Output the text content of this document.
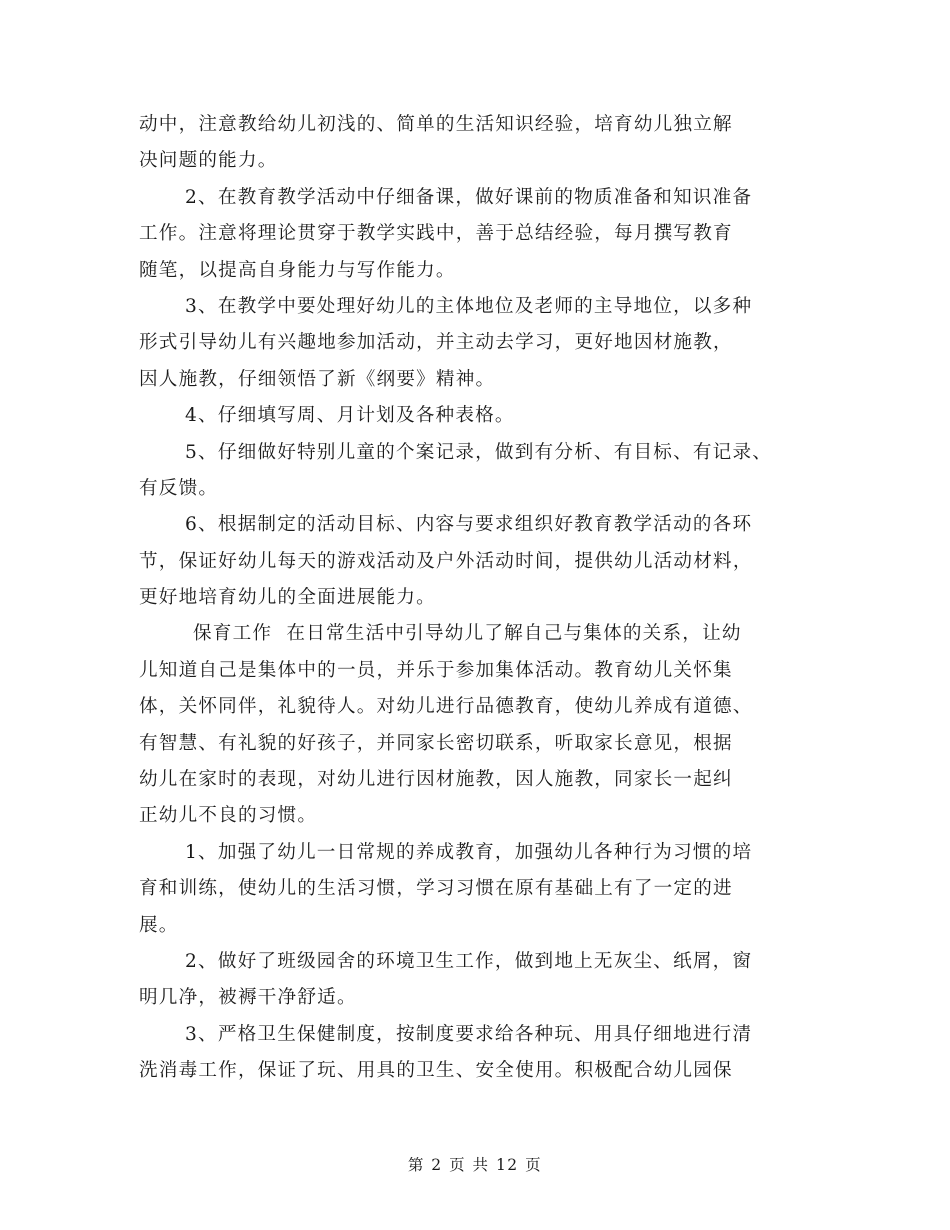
动中，注意教给幼儿初浅的、简单的生活知识经验，培育幼儿独立解
决问题的能力。
2、在教育教学活动中仔细备课，做好课前的物质准备和知识准备
工作。注意将理论贯穿于教学实践中，善于总结经验，每月撰写教育
随笔，以提高自身能力与写作能力。
3、在教学中要处理好幼儿的主体地位及老师的主导地位，以多种
形式引导幼儿有兴趣地参加活动，并主动去学习，更好地因材施教，
因人施教，仔细领悟了新《纲要》精神。
4、仔细填写周、月计划及各种表格。
5、仔细做好特别儿童的个案记录，做到有分析、有目标、有记录、
有反馈。
6、根据制定的活动目标、内容与要求组织好教育教学活动的各环
节，保证好幼儿每天的游戏活动及户外活动时间，提供幼儿活动材料，
更好地培育幼儿的全面进展能力。
保育工作  在日常生活中引导幼儿了解自己与集体的关系，让幼
儿知道自己是集体中的一员，并乐于参加集体活动。教育幼儿关怀集
体，关怀同伴，礼貌待人。对幼儿进行品德教育，使幼儿养成有道德、
有智慧、有礼貌的好孩子，并同家长密切联系，听取家长意见，根据
幼儿在家时的表现，对幼儿进行因材施教，因人施教，同家长一起纠
正幼儿不良的习惯。
1、加强了幼儿一日常规的养成教育，加强幼儿各种行为习惯的培
育和训练，使幼儿的生活习惯，学习习惯在原有基础上有了一定的进
展。
2、做好了班级园舍的环境卫生工作，做到地上无灰尘、纸屑，窗
明几净，被褥干净舒适。
3、严格卫生保健制度，按制度要求给各种玩、用具仔细地进行清
洗消毒工作，保证了玩、用具的卫生、安全使用。积极配合幼儿园保
第 2 页 共 12 页
